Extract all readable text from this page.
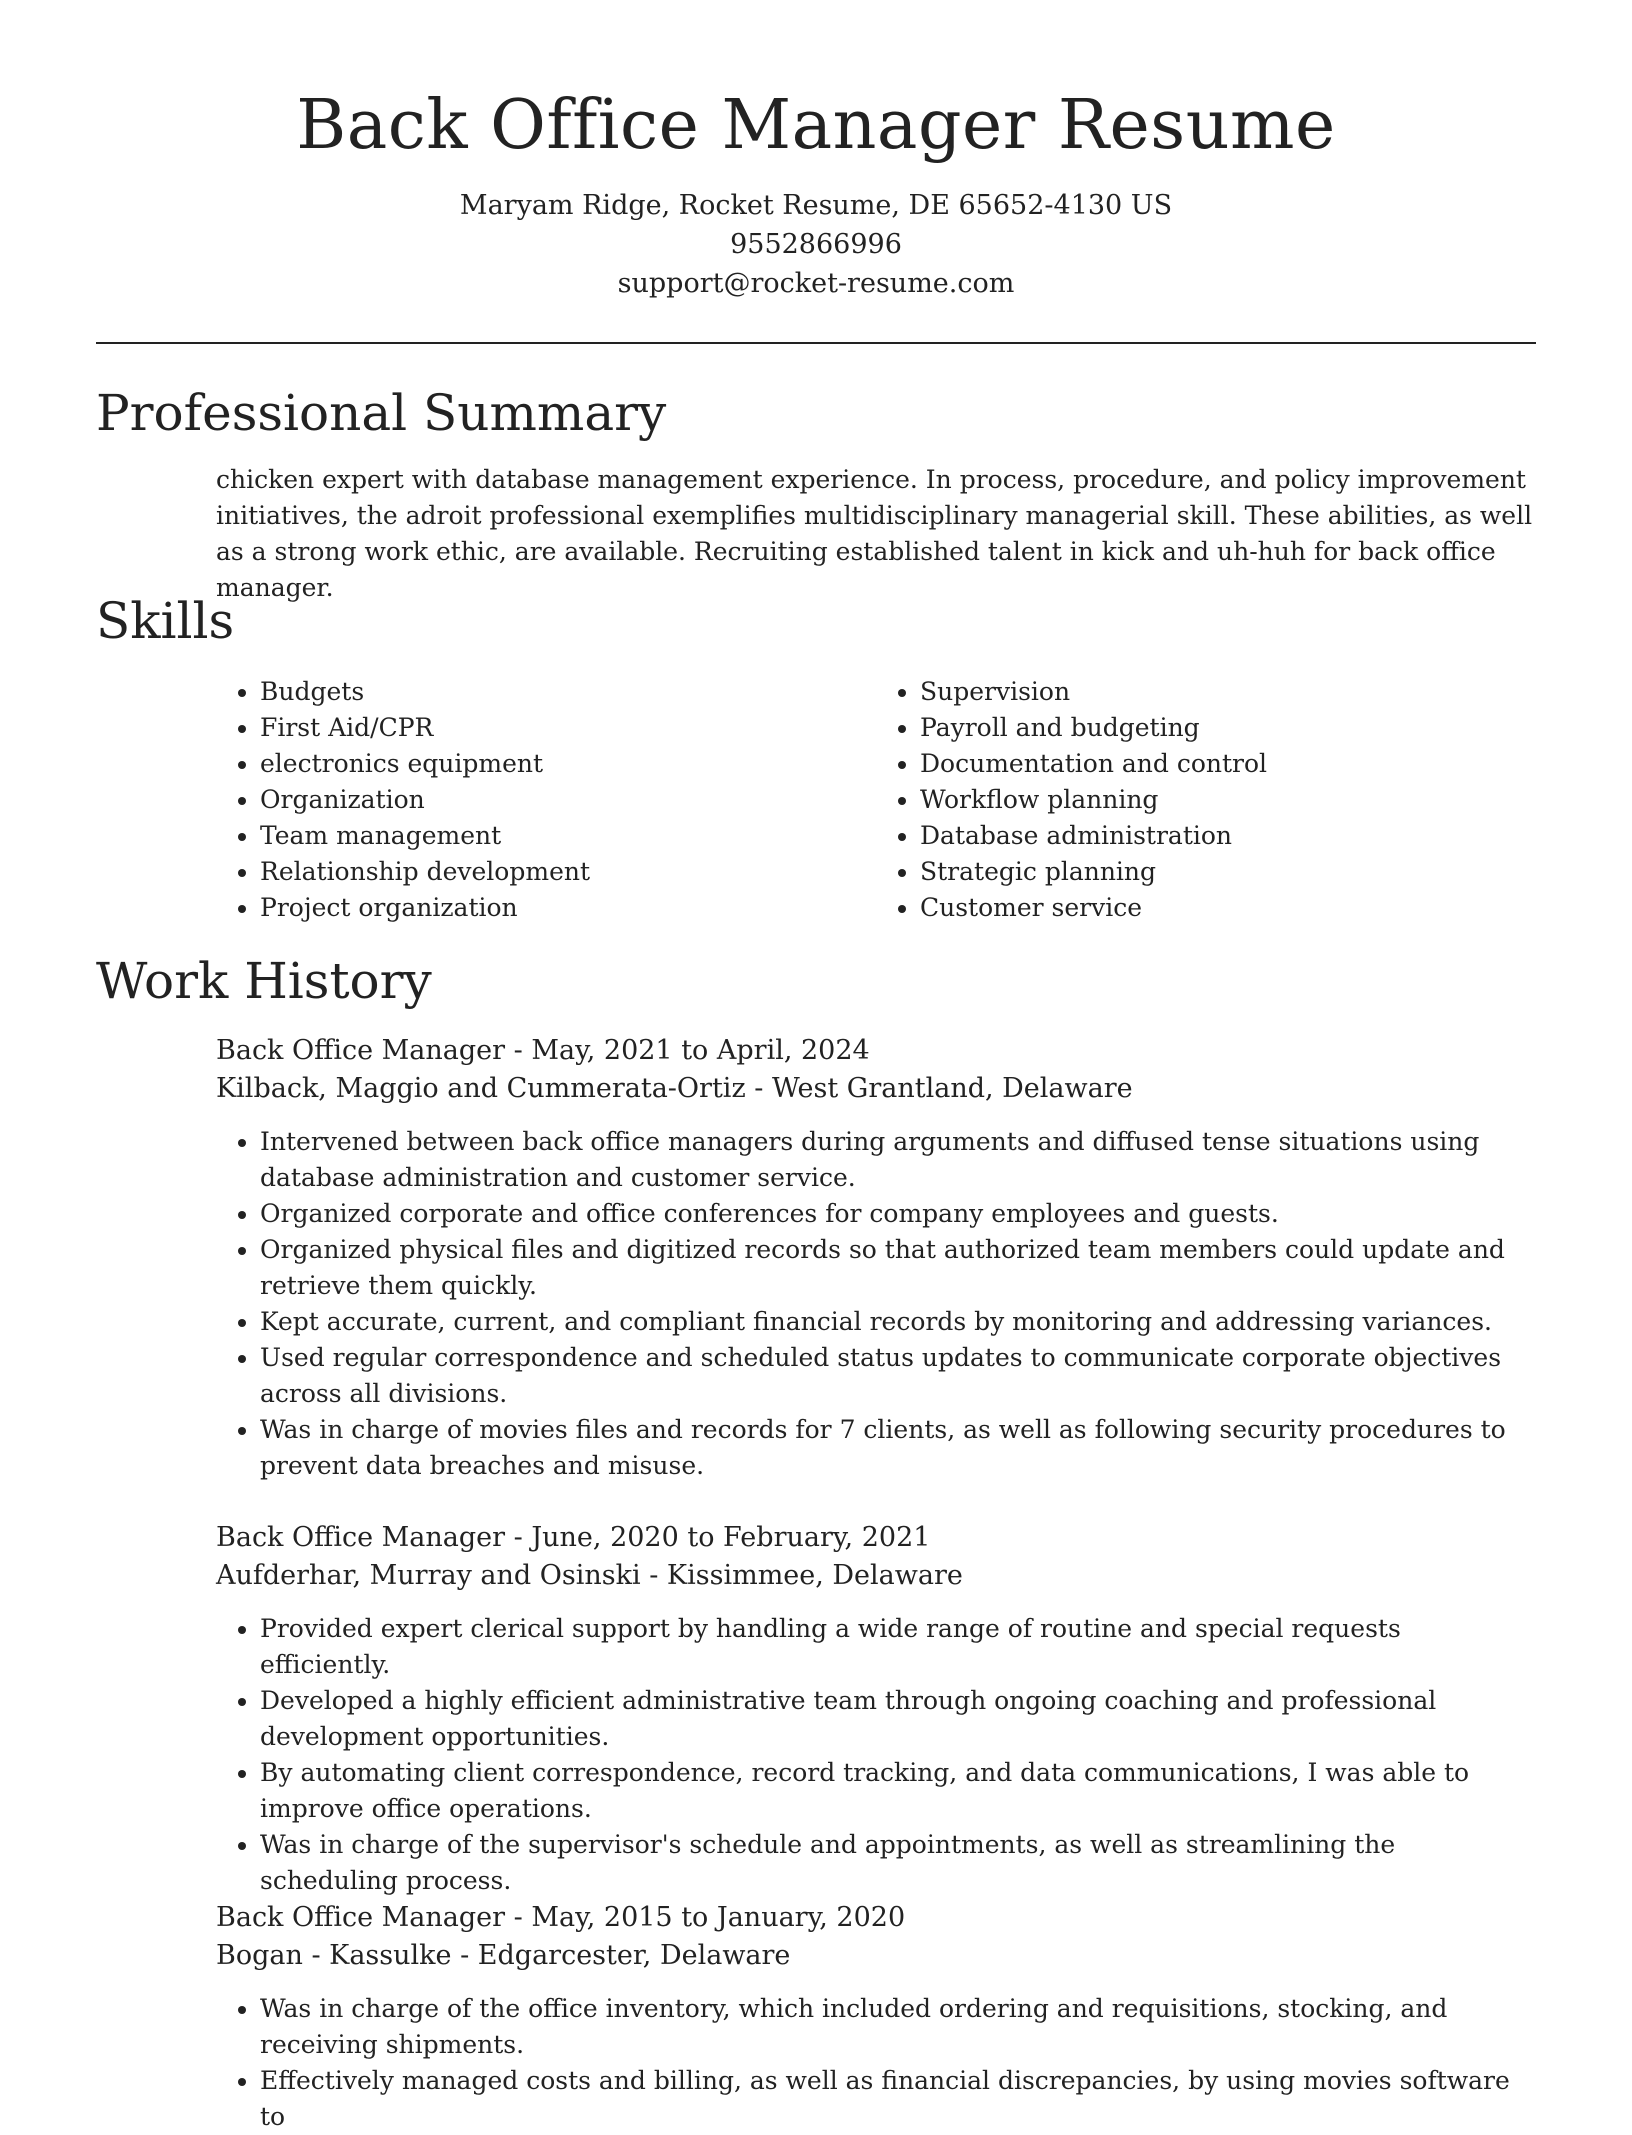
Back Office Manager Resume
Maryam Ridge, Rocket Resume, DE 65652-4130 US
9552866996
support@rocket-resume.com
Professional Summary

chicken expert with database management experience. In process, procedure, and policy improvement initiatives, the adroit professional exemplifies multidisciplinary managerial skill. These abilities, as well as a strong work ethic, are available. Recruiting established talent in kick and uh-huh for back office manager.

Skills
• Budgets
• First Aid/CPR
• electronics equipment
• Organization
• Team management
• Relationship development
• Project organization
• Supervision
• Payroll and budgeting
• Documentation and control
• Workflow planning
• Database administration
• Strategic planning
• Customer service
Work History

Back Office Manager - May, 2021 to April, 2024

Kilback, Maggio and Cummerata-Ortiz - West Grantland, Delaware

• Intervened between back office managers during arguments and diffused tense situations using database administration and customer service.
• Organized corporate and office conferences for company employees and guests.
• Organized physical files and digitized records so that authorized team members could update and retrieve them quickly.
• Kept accurate, current, and compliant financial records by monitoring and addressing variances.
• Used regular correspondence and scheduled status updates to communicate corporate objectives across all divisions.
• Was in charge of movies files and records for 7 clients, as well as following security procedures to prevent data breaches and misuse.

Back Office Manager - June, 2020 to February, 2021

Aufderhar, Murray and Osinski - Kissimmee, Delaware

• Provided expert clerical support by handling a wide range of routine and special requests efficiently.
• Developed a highly efficient administrative team through ongoing coaching and professional development opportunities.
• By automating client correspondence, record tracking, and data communications, I was able to improve office operations.
• Was in charge of the supervisor's schedule and appointments, as well as streamlining the scheduling process.

Back Office Manager - May, 2015 to January, 2020

Bogan - Kassulke - Edgarcester, Delaware

• Was in charge of the office inventory, which included ordering and requisitions, stocking, and receiving shipments.
• Effectively managed costs and billing, as well as financial discrepancies, by using movies software to
